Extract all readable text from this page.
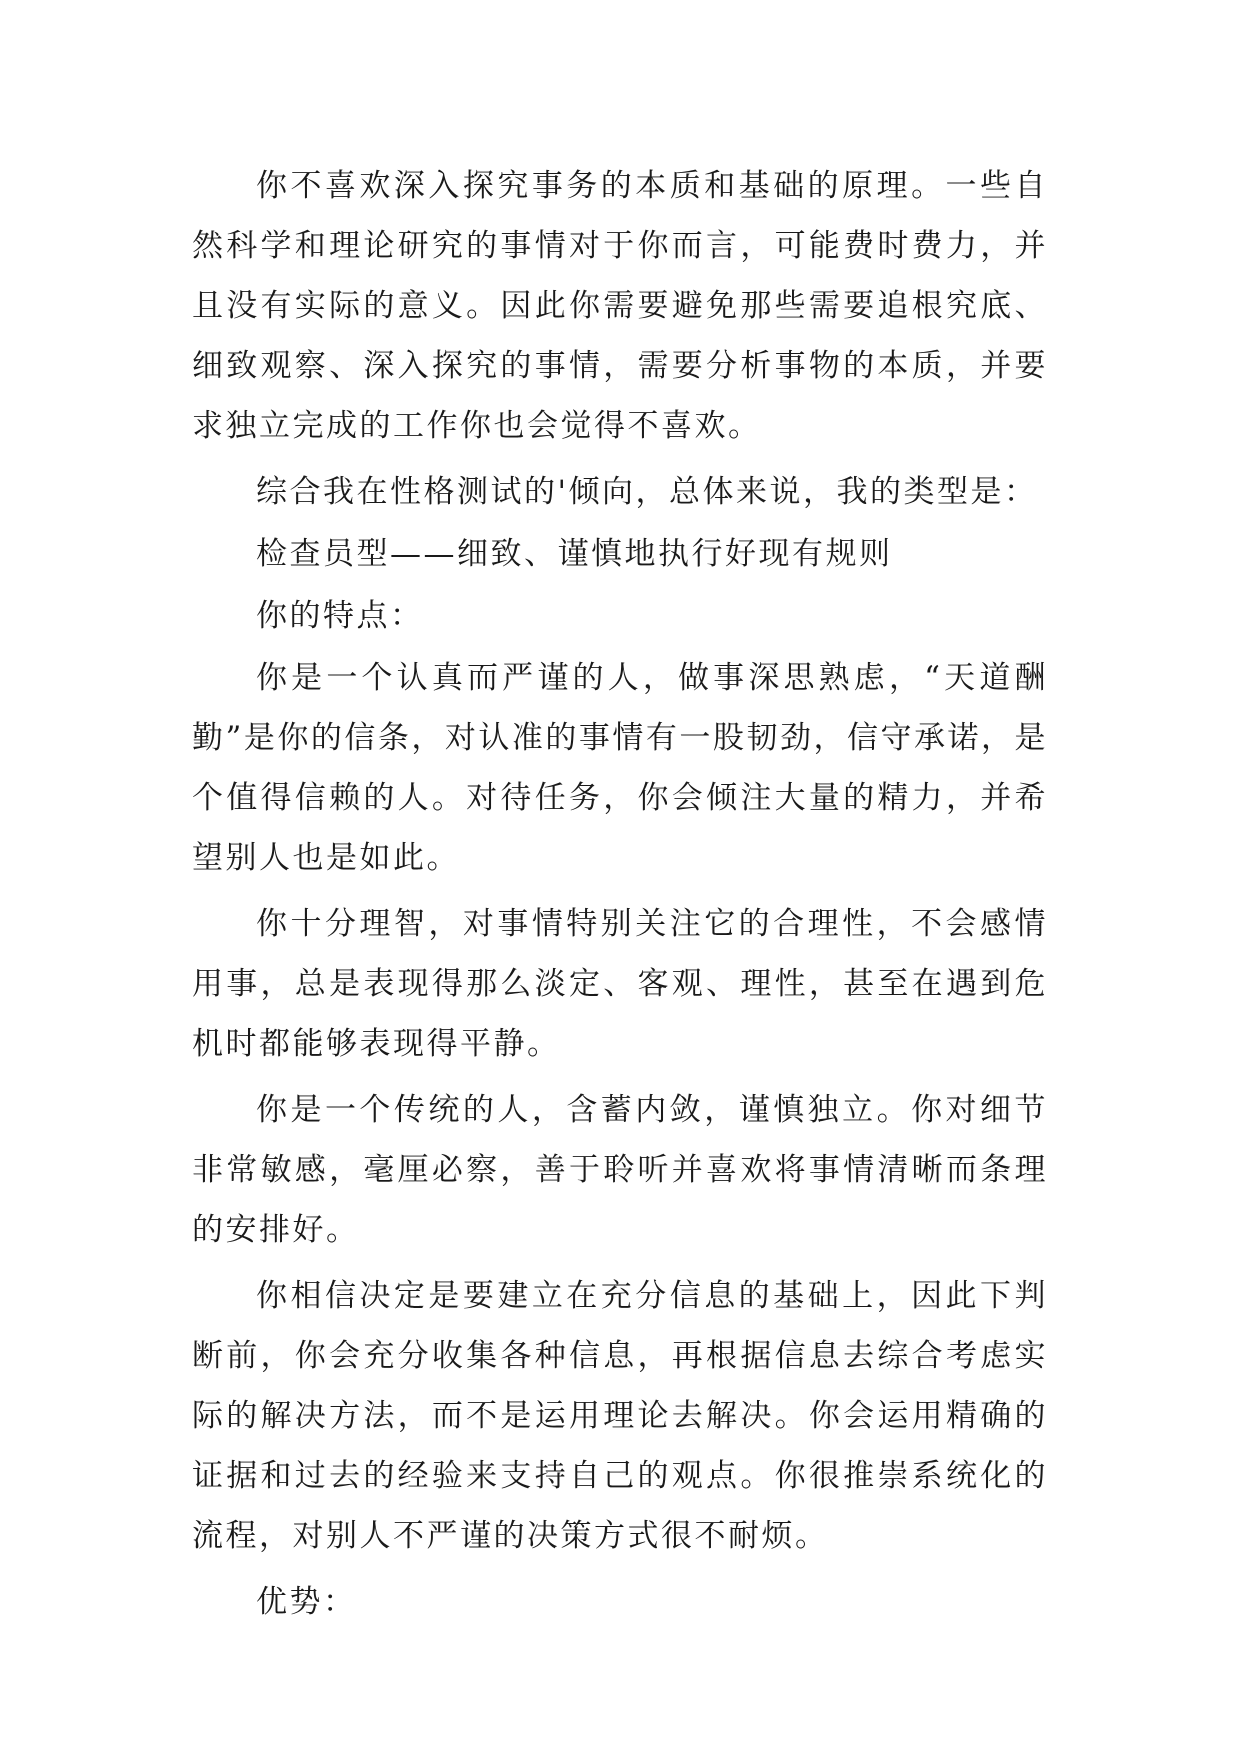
你不喜欢深入探究事务的本质和基础的原理。一些自然科学和理论研究的事情对于你而言，可能费时费力，并且没有实际的意义。因此你需要避免那些需要追根究底、细致观察、深入探究的事情，需要分析事物的本质，并要求独立完成的工作你也会觉得不喜欢。

综合我在性格测试的'倾向，总体来说，我的类型是：

检查员型——细致、谨慎地执行好现有规则

你的特点：

你是一个认真而严谨的人，做事深思熟虑，“天道酬勤”是你的信条，对认准的事情有一股韧劲，信守承诺，是个值得信赖的人。对待任务，你会倾注大量的精力，并希望别人也是如此。

你十分理智，对事情特别关注它的合理性，不会感情用事，总是表现得那么淡定、客观、理性，甚至在遇到危机时都能够表现得平静。

你是一个传统的人，含蓄内敛，谨慎独立。你对细节非常敏感，毫厘必察，善于聆听并喜欢将事情清晰而条理的安排好。

你相信决定是要建立在充分信息的基础上，因此下判断前，你会充分收集各种信息，再根据信息去综合考虑实际的解决方法，而不是运用理论去解决。你会运用精确的证据和过去的经验来支持自己的观点。你很推崇系统化的流程，对别人不严谨的决策方式很不耐烦。

优势：
